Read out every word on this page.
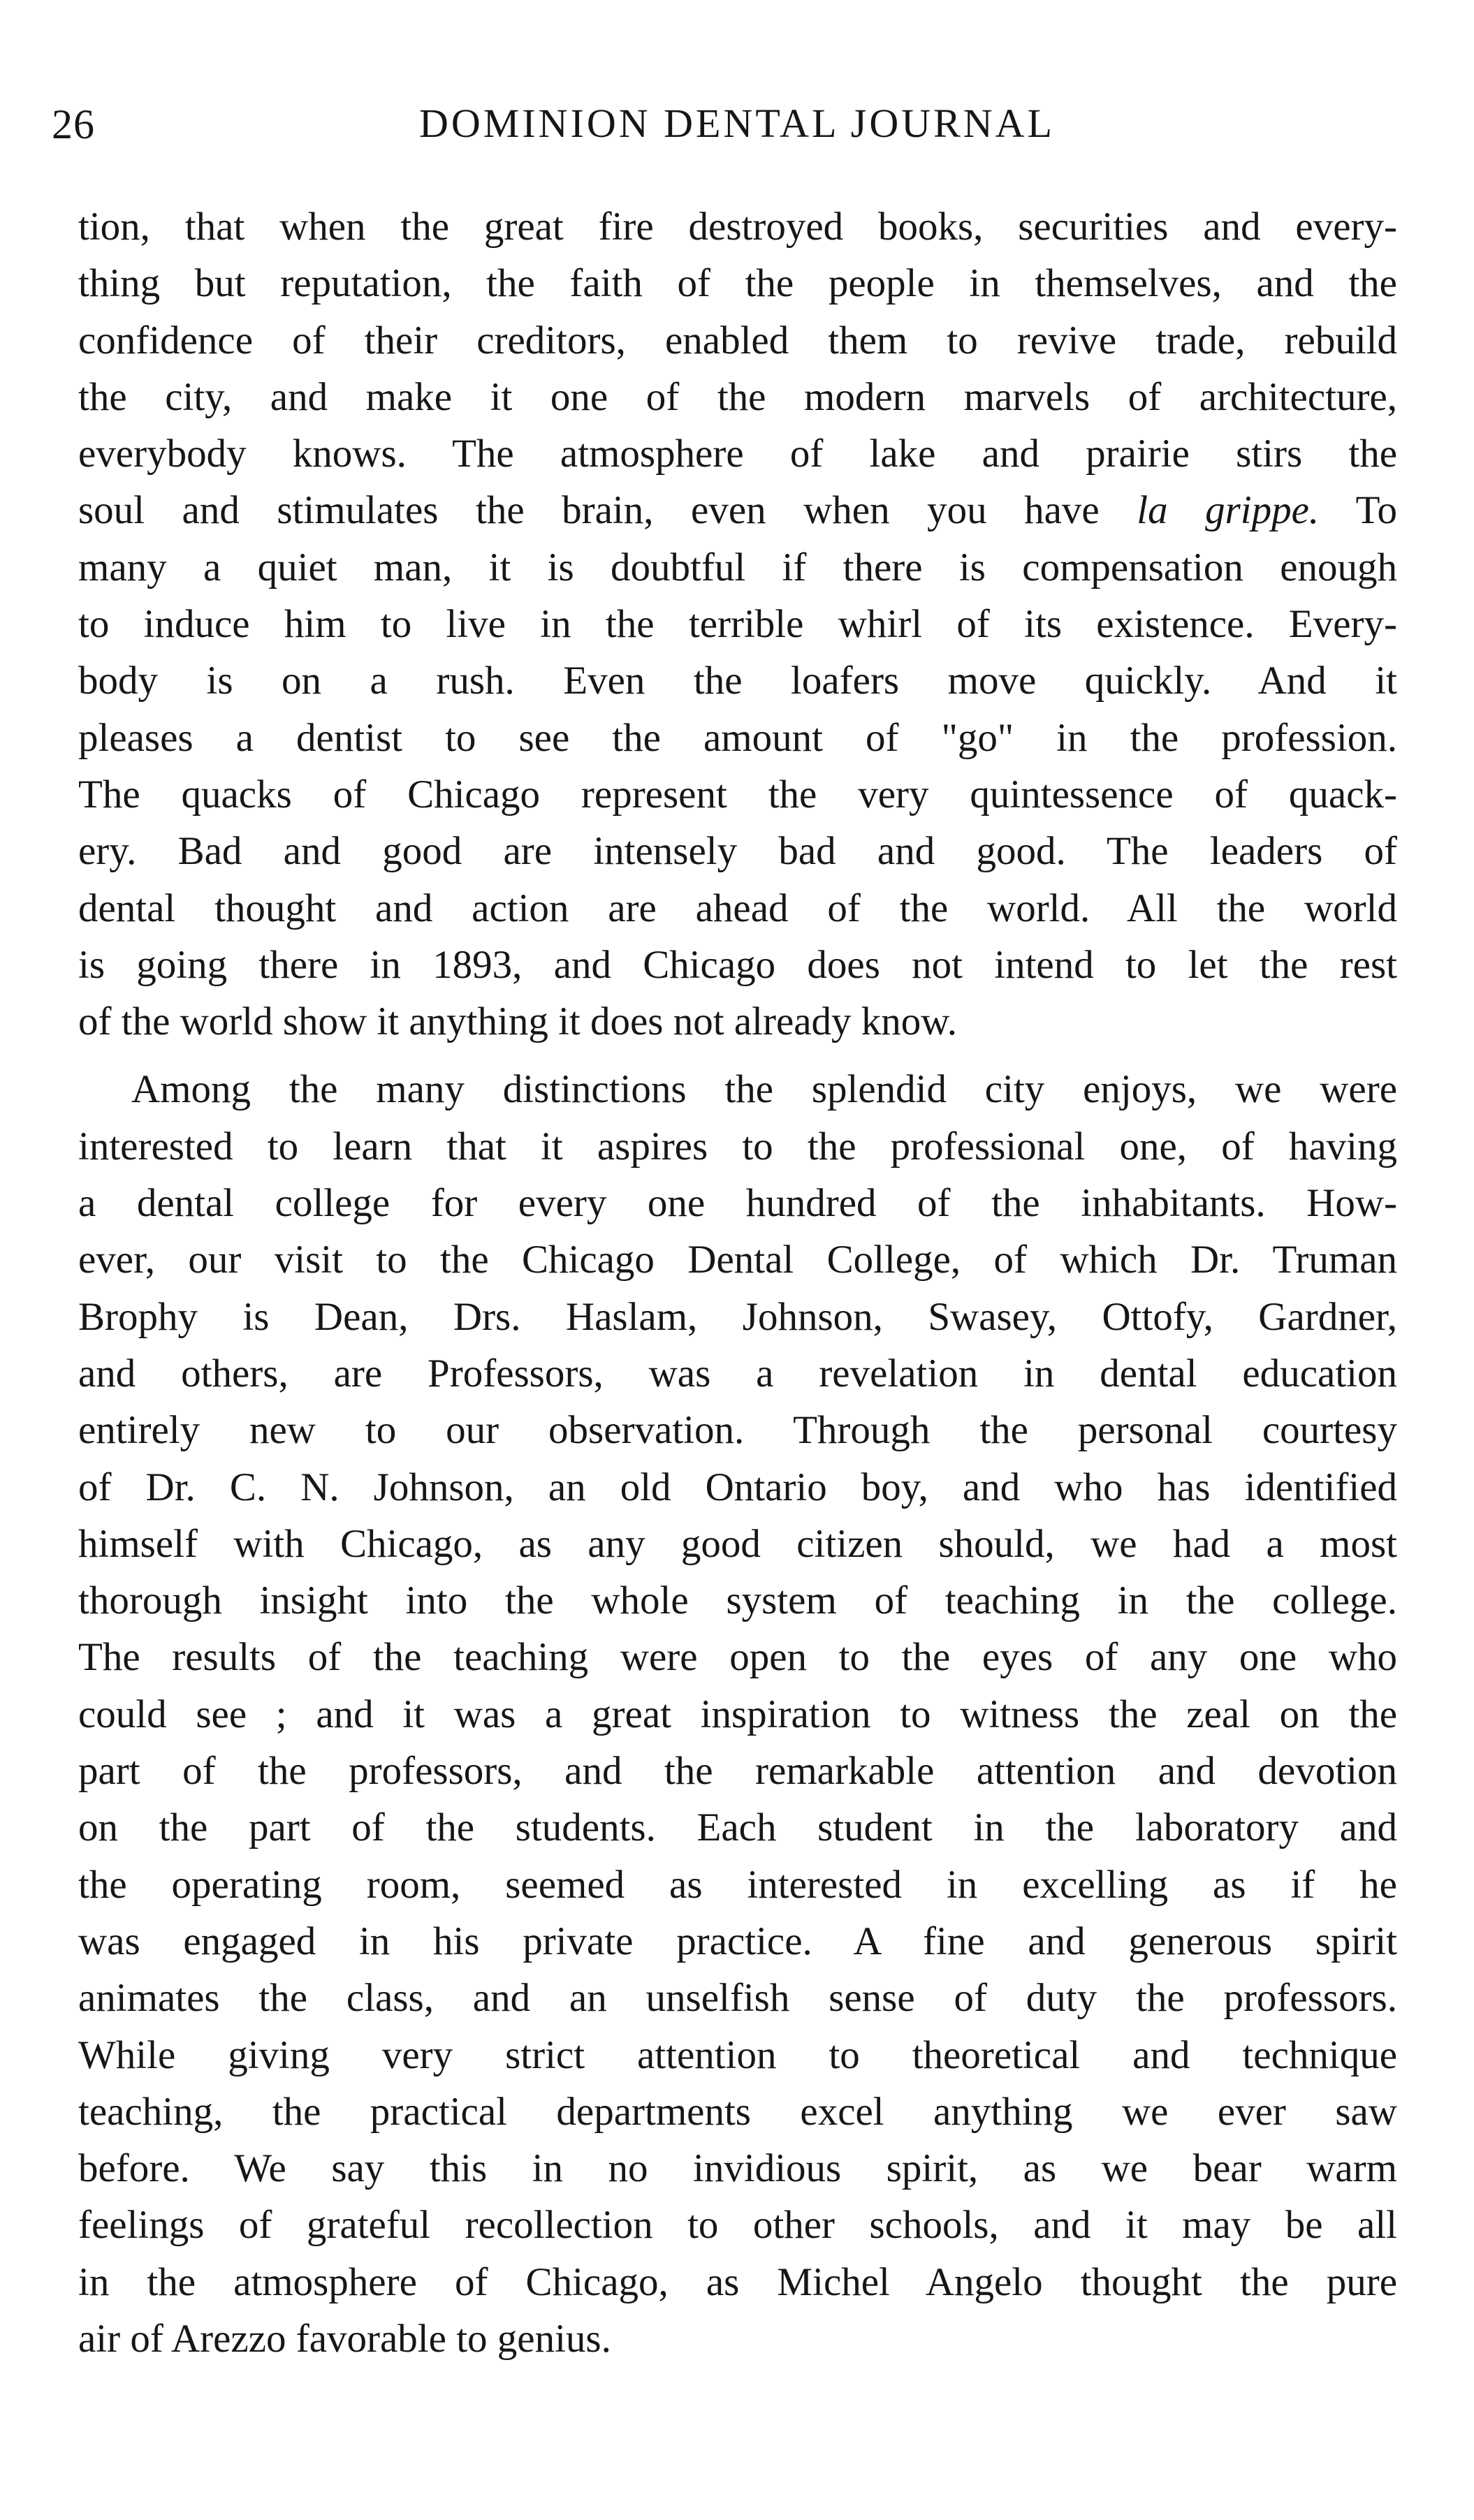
26	DOMINION DENTAL JOURNAL
tion, that when the great fire destroyed books, securities and every-
thing but reputation, the faith of the people in themselves, and the
confidence of their creditors, enabled them to revive trade, rebuild
the city, and make it one of the modern marvels of architecture,
everybody knows. The atmosphere of lake and prairie stirs the
soul and stimulates the brain, even when you have la grippe. To
many a quiet man, it is doubtful if there is compensation enough
to induce him to live in the terrible whirl of its existence. Every-
body is on a rush. Even the loafers move quickly. And it
pleases a dentist to see the amount of "go" in the profession.
The quacks of Chicago represent the very quintessence of quack-
ery. Bad and good are intensely bad and good. The leaders of
dental thought and action are ahead of the world. All the world
is going there in 1893, and Chicago does not intend to let the rest
of the world show it anything it does not already know.
Among the many distinctions the splendid city enjoys, we were
interested to learn that it aspires to the professional one, of having
a dental college for every one hundred of the inhabitants. How-
ever, our visit to the Chicago Dental College, of which Dr. Truman
Brophy is Dean, Drs. Haslam, Johnson, Swasey, Ottofy, Gardner,
and others, are Professors, was a revelation in dental education
entirely new to our observation. Through the personal courtesy
of Dr. C. N. Johnson, an old Ontario boy, and who has identified
himself with Chicago, as any good citizen should, we had a most
thorough insight into the whole system of teaching in the college.
The results of the teaching were open to the eyes of any one who
could see ; and it was a great inspiration to witness the zeal on the
part of the professors, and the remarkable attention and devotion
on the part of the students. Each student in the laboratory and
the operating room, seemed as interested in excelling as if he
was engaged in his private practice. A fine and generous spirit
animates the class, and an unselfish sense of duty the professors.
While giving very strict attention to theoretical and technique
teaching, the practical departments excel anything we ever saw
before. We say this in no invidious spirit, as we bear warm
feelings of grateful recollection to other schools, and it may be all
in the atmosphere of Chicago, as Michel Angelo thought the pure
air of Arezzo favorable to genius.
